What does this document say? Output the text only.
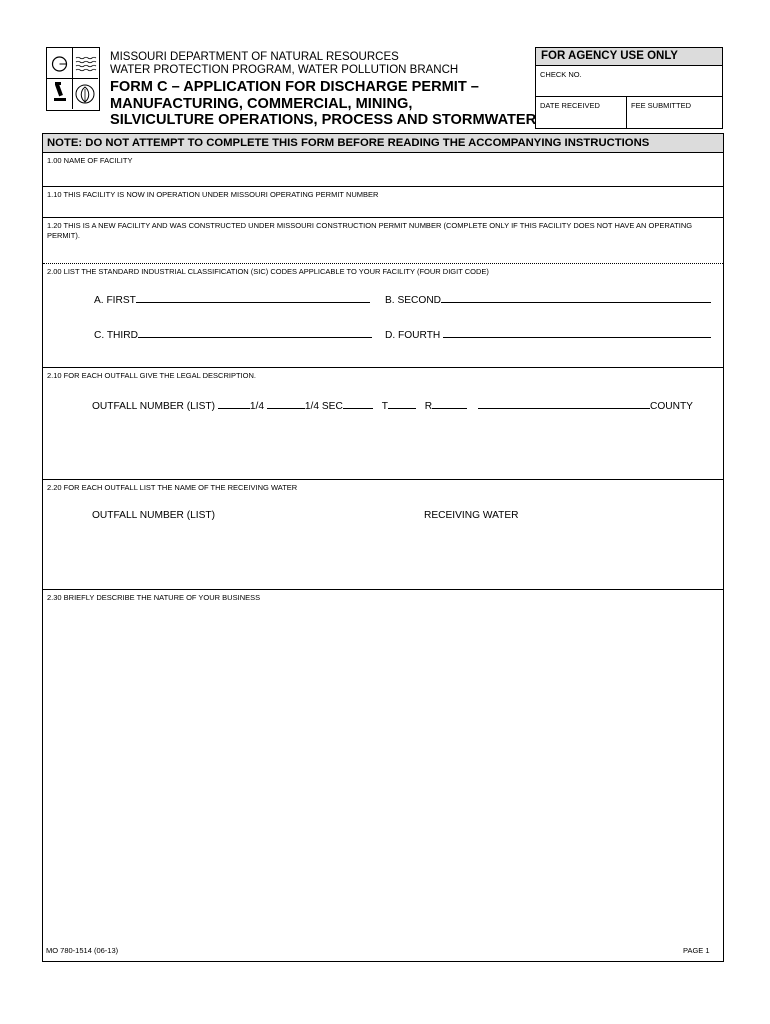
MISSOURI DEPARTMENT OF NATURAL RESOURCES
WATER PROTECTION PROGRAM, WATER POLLUTION BRANCH
FORM C – APPLICATION FOR DISCHARGE PERMIT –
MANUFACTURING, COMMERCIAL, MINING,
SILVICULTURE OPERATIONS, PROCESS AND STORMWATER
FOR AGENCY USE ONLY
CHECK NO.
DATE RECEIVED	FEE SUBMITTED
NOTE: DO NOT ATTEMPT TO COMPLETE THIS FORM BEFORE READING THE ACCOMPANYING INSTRUCTIONS
1.00 NAME OF FACILITY
1.10 THIS FACILITY IS NOW IN OPERATION UNDER MISSOURI OPERATING PERMIT NUMBER
1.20 THIS IS A NEW FACILITY AND WAS CONSTRUCTED UNDER MISSOURI CONSTRUCTION PERMIT NUMBER (COMPLETE ONLY IF THIS FACILITY DOES NOT HAVE AN OPERATING PERMIT).
2.00 LIST THE STANDARD INDUSTRIAL CLASSIFICATION (SIC) CODES APPLICABLE TO YOUR FACILITY (FOUR DIGIT CODE)
A. FIRST	B. SECOND
C. THIRD	D. FOURTH
2.10 FOR EACH OUTFALL GIVE THE LEGAL DESCRIPTION.
OUTFALL NUMBER (LIST)	1/4	1/4 SEC	T	R	COUNTY
2.20 FOR EACH OUTFALL LIST THE NAME OF THE RECEIVING WATER
OUTFALL NUMBER (LIST)	RECEIVING WATER
2.30 BRIEFLY DESCRIBE THE NATURE OF YOUR BUSINESS
MO 780-1514 (06-13)	PAGE 1
